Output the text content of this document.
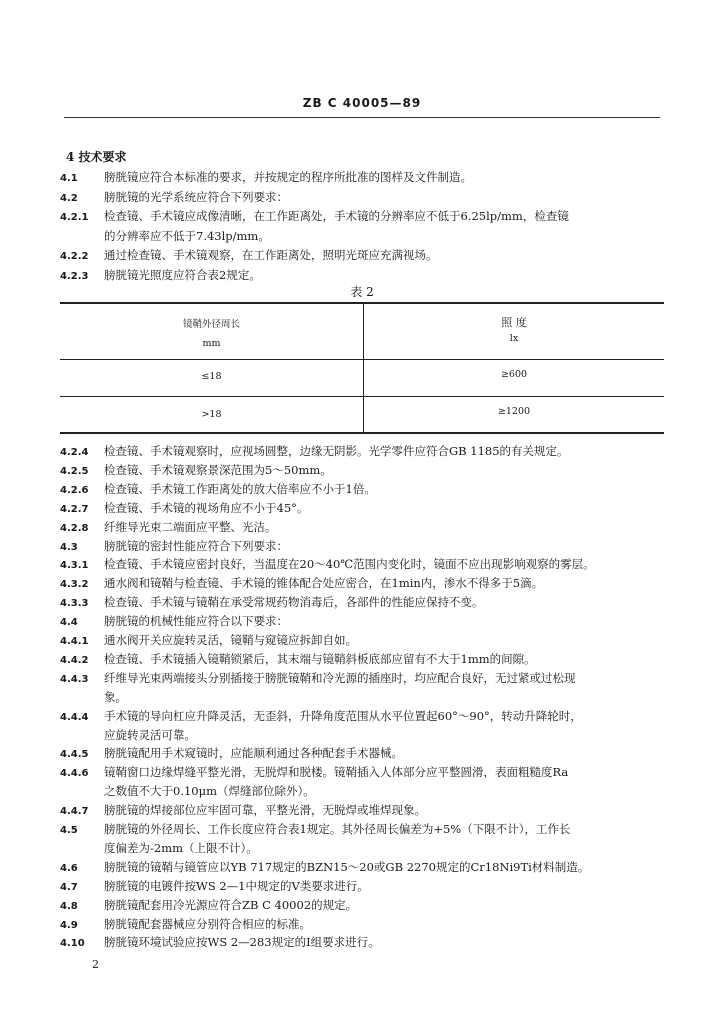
ZB C 40005—89
4 技术要求
4.1 膀胱镜应符合本标准的要求，并按规定的程序所批准的图样及文件制造。
4.2 膀胱镜的光学系统应符合下列要求：
4.2.1 检查镜、手术镜应成像清晰，在工作距离处，手术镜的分辨率应不低于6.25lp/mm，检查镜
的分辨率应不低于7.43lp/mm。
4.2.2 通过检查镜、手术镜观察，在工作距离处，照明光斑应充满视场。
4.2.3 膀胱镜光照度应符合表2规定。
表 2
镜鞘外径周长
mm
照 度
lx
≤18	≥600
>18	≥1200
4.2.4 检查镜、手术镜观察时，应视场圆整，边缘无阴影。光学零件应符合GB 1185的有关规定。
4.2.5 检查镜、手术镜观察景深范围为5～50mm。
4.2.6 检查镜、手术镜工作距离处的放大倍率应不小于1倍。
4.2.7 检查镜、手术镜的视场角应不小于45°。
4.2.8 纤维导光束二端面应平整、光洁。
4.3 膀胱镜的密封性能应符合下列要求：
4.3.1 检查镜、手术镜应密封良好，当温度在20～40℃范围内变化时，镜面不应出现影响观察的雾层。
4.3.2 通水阀和镜鞘与检查镜、手术镜的锥体配合处应密合，在1min内，渗水不得多于5滴。
4.3.3 检查镜、手术镜与镜鞘在承受常规药物消毒后，各部件的性能应保持不变。
4.4 膀胱镜的机械性能应符合以下要求：
4.4.1 通水阀开关应旋转灵活，镜鞘与窥镜应拆卸自如。
4.4.2 检查镜、手术镜插入镜鞘锁紧后，其末端与镜鞘斜板底部应留有不大于1mm的间隙。
4.4.3 纤维导光束两端接头分别插接于膀胱镜鞘和冷光源的插座时，均应配合良好，无过紧或过松现
象。
4.4.4 手术镜的导向杠应升降灵活，无歪斜，升降角度范围从水平位置起60°～90°，转动升降轮时，
应旋转灵活可靠。
4.4.5 膀胱镜配用手术窥镜时，应能顺利通过各种配套手术器械。
4.4.6 镜鞘窗口边缘焊缝平整光滑，无脱焊和脱楼。镜鞘插入人体部分应平整圆滑，表面粗糙度Ra
之数值不大于0.10μm（焊缝部位除外）。
4.4.7 膀胱镜的焊接部位应牢固可靠，平整光滑，无脱焊或堆焊现象。
4.5 膀胱镜的外径周长、工作长度应符合表1规定。其外径周长偏差为+5%（下限不计），工作长
度偏差为-2mm（上限不计）。
4.6 膀胱镜的镜鞘与镜管应以YB 717规定的BZN15～20或GB 2270规定的Cr18Ni9Ti材料制造。
4.7 膀胱镜的电镀件按WS 2—1中规定的V类要求进行。
4.8 膀胱镜配套用冷光源应符合ZB C 40002的规定。
4.9 膀胱镜配套器械应分别符合相应的标准。
4.10 膀胱镜环境试验应按WS 2—283规定的Ⅰ组要求进行。
2
